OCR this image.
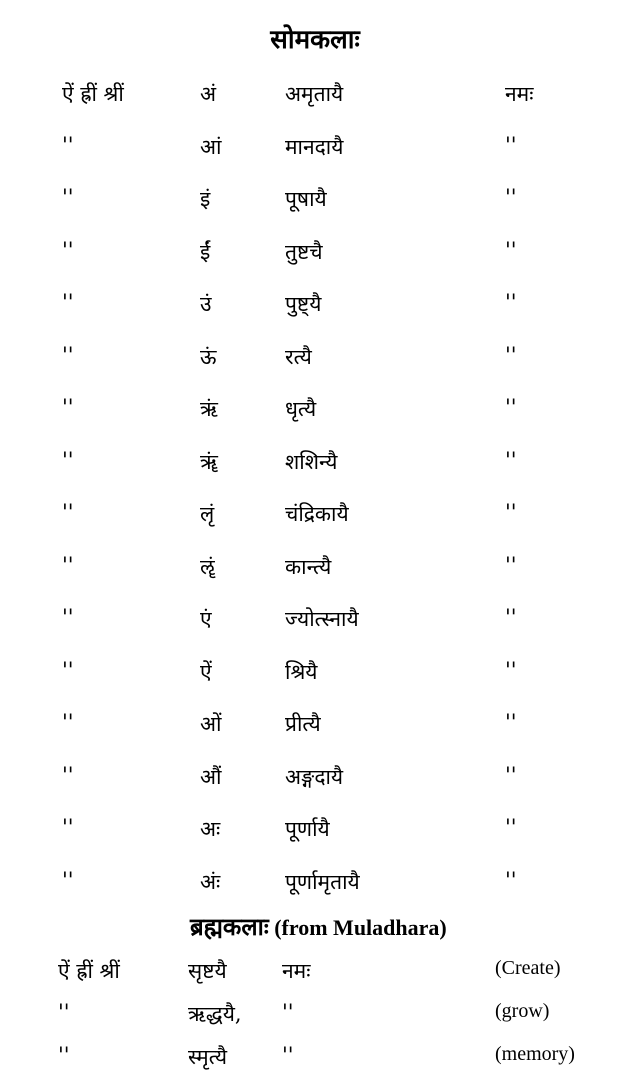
सोमकलाः
ऐं ह्रीं श्रीं	अं	अमृतायै	नमः
''	आं	मानदायै	''
''	इं	पूषायै	''
''	ईं	तुष्टचै	''
''	उं	पुष्ट्यै	''
''	ऊं	रत्यै	''
''	ऋं	धृत्यै	''
''	ॠं	शशिन्यै	''
''	लृं	चंद्रिकायै	''
''	ॡं	कान्त्यै	''
''	एं	ज्योत्स्नायै	''
''	ऐं	श्रियै	''
''	ओं	प्रीत्यै	''
''	औं	अङ्गदायै	''
''	अः	पूर्णायै	''
''	अंः	पूर्णामृतायै	''
ब्रह्मकलाः (from Muladhara)
ऐं ह्रीं श्रीं	सृष्टयै	नमः	(Create)
''	ऋद्धयै, ''	(grow)
''	स्मृत्यै	''	(memory)
